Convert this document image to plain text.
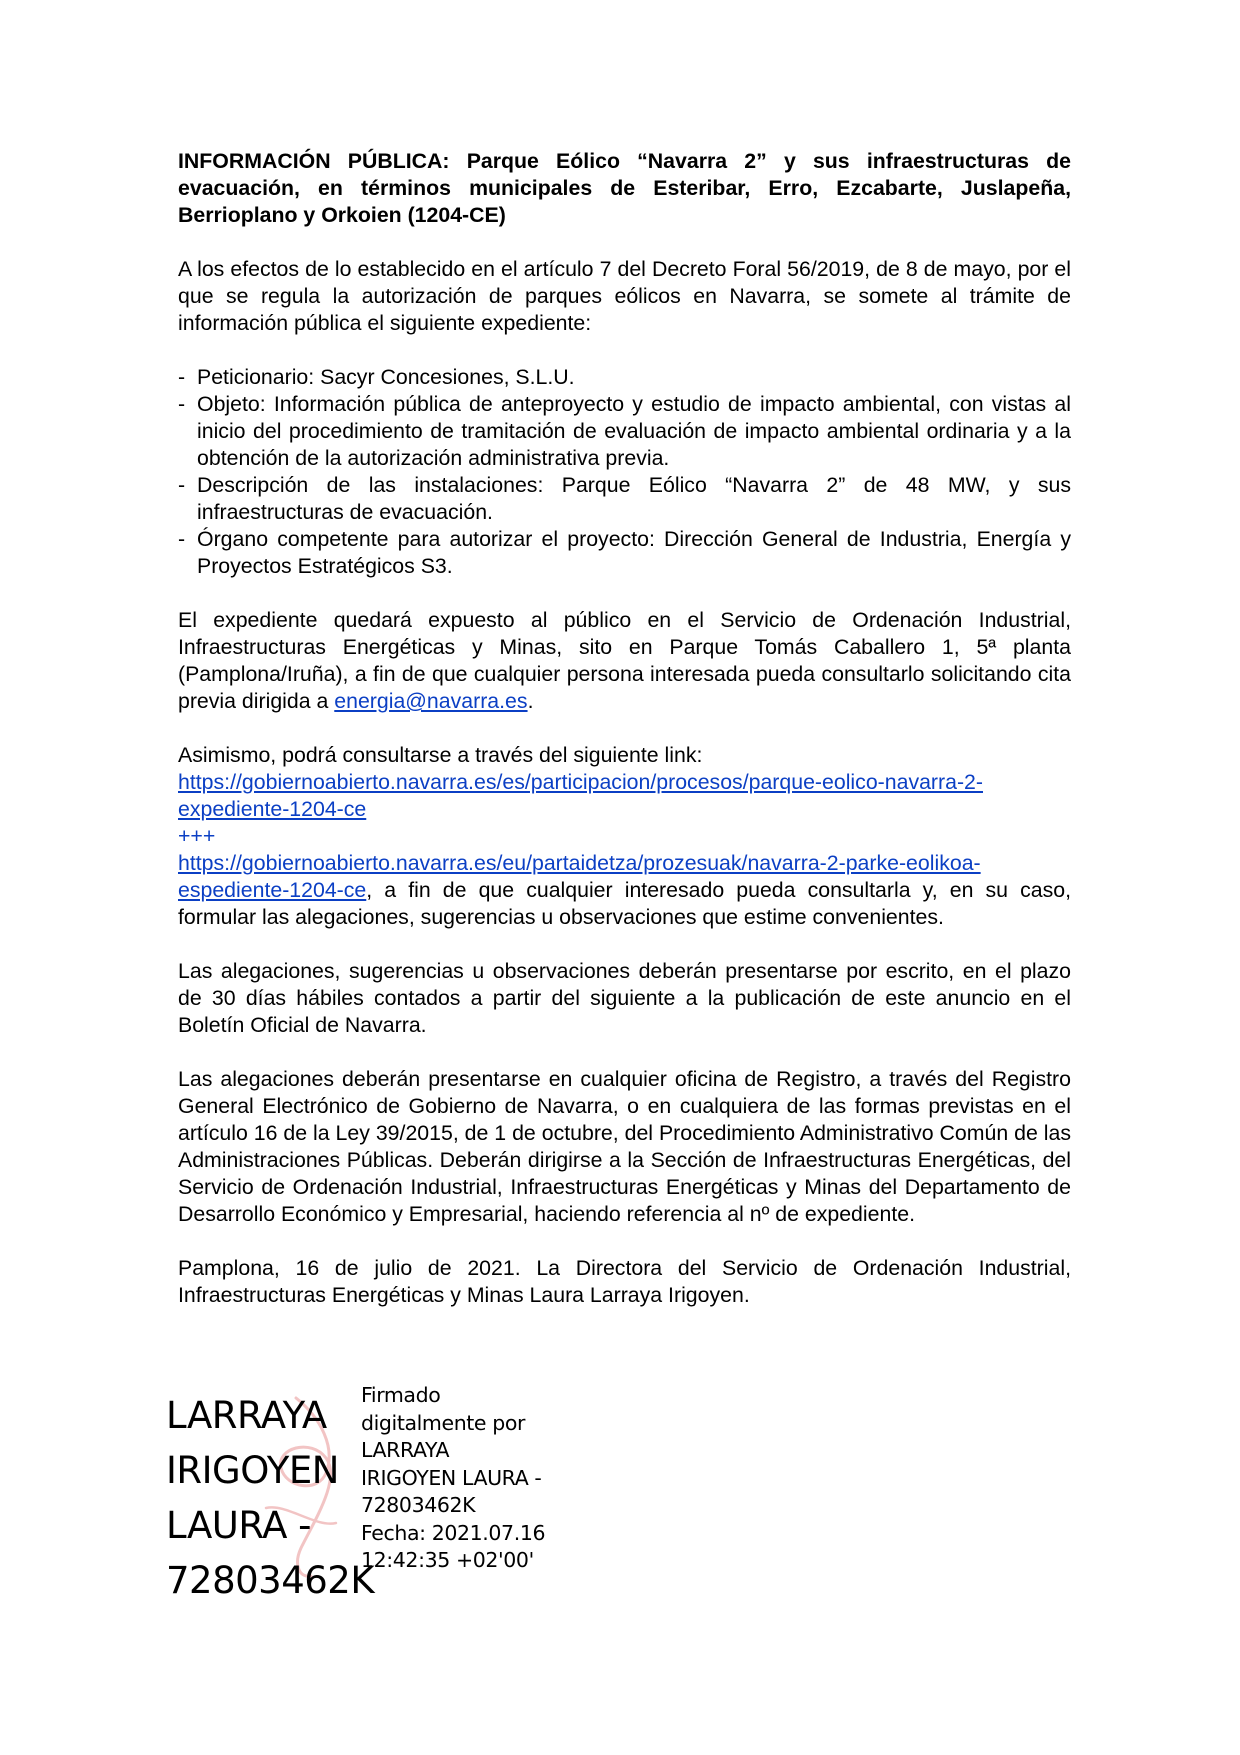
INFORMACIÓN PÚBLICA: Parque Eólico “Navarra 2” y sus infraestructuras de evacuación, en términos municipales de Esteribar, Erro, Ezcabarte, Juslapeña, Berrioplano y Orkoien (1204-CE)

A los efectos de lo establecido en el artículo 7 del Decreto Foral 56/2019, de 8 de mayo, por el que se regula la autorización de parques eólicos en Navarra, se somete al trámite de información pública el siguiente expediente:

- Peticionario: Sacyr Concesiones, S.L.U.
- Objeto: Información pública de anteproyecto y estudio de impacto ambiental, con vistas al inicio del procedimiento de tramitación de evaluación de impacto ambiental ordinaria y a la obtención de la autorización administrativa previa.
- Descripción de las instalaciones: Parque Eólico “Navarra 2” de 48 MW, y sus infraestructuras de evacuación.
- Órgano competente para autorizar el proyecto: Dirección General de Industria, Energía y Proyectos Estratégicos S3.

El expediente quedará expuesto al público en el Servicio de Ordenación Industrial, Infraestructuras Energéticas y Minas, sito en Parque Tomás Caballero 1, 5ª planta (Pamplona/Iruña), a fin de que cualquier persona interesada pueda consultarlo solicitando cita previa dirigida a energia@navarra.es.

Asimismo, podrá consultarse a través del siguiente link:

https://gobiernoabierto.navarra.es/es/participacion/procesos/parque-eolico-navarra-2-
expediente-1204-ce

+++

https://gobiernoabierto.navarra.es/eu/partaidetza/prozesuak/navarra-2-parke-eolikoa-
espediente-1204-ce, a fin de que cualquier interesado pueda consultarla y, en su caso, formular las alegaciones, sugerencias u observaciones que estime convenientes.

Las alegaciones, sugerencias u observaciones deberán presentarse por escrito, en el plazo de 30 días hábiles contados a partir del siguiente a la publicación de este anuncio en el Boletín Oficial de Navarra.

Las alegaciones deberán presentarse en cualquier oficina de Registro, a través del Registro General Electrónico de Gobierno de Navarra, o en cualquiera de las formas previstas en el artículo 16 de la Ley 39/2015, de 1 de octubre, del Procedimiento Administrativo Común de las Administraciones Públicas. Deberán dirigirse a la Sección de Infraestructuras Energéticas, del Servicio de Ordenación Industrial, Infraestructuras Energéticas y Minas del Departamento de Desarrollo Económico y Empresarial, haciendo referencia al nº de expediente.

Pamplona, 16 de julio de 2021. La Directora del Servicio de Ordenación Industrial, Infraestructuras Energéticas y Minas Laura Larraya Irigoyen.

LARRAYA
IRIGOYEN
LAURA -
72803462K
Firmado
digitalmente por
LARRAYA
IRIGOYEN LAURA -
72803462K
Fecha: 2021.07.16
12:42:35 +02'00'
